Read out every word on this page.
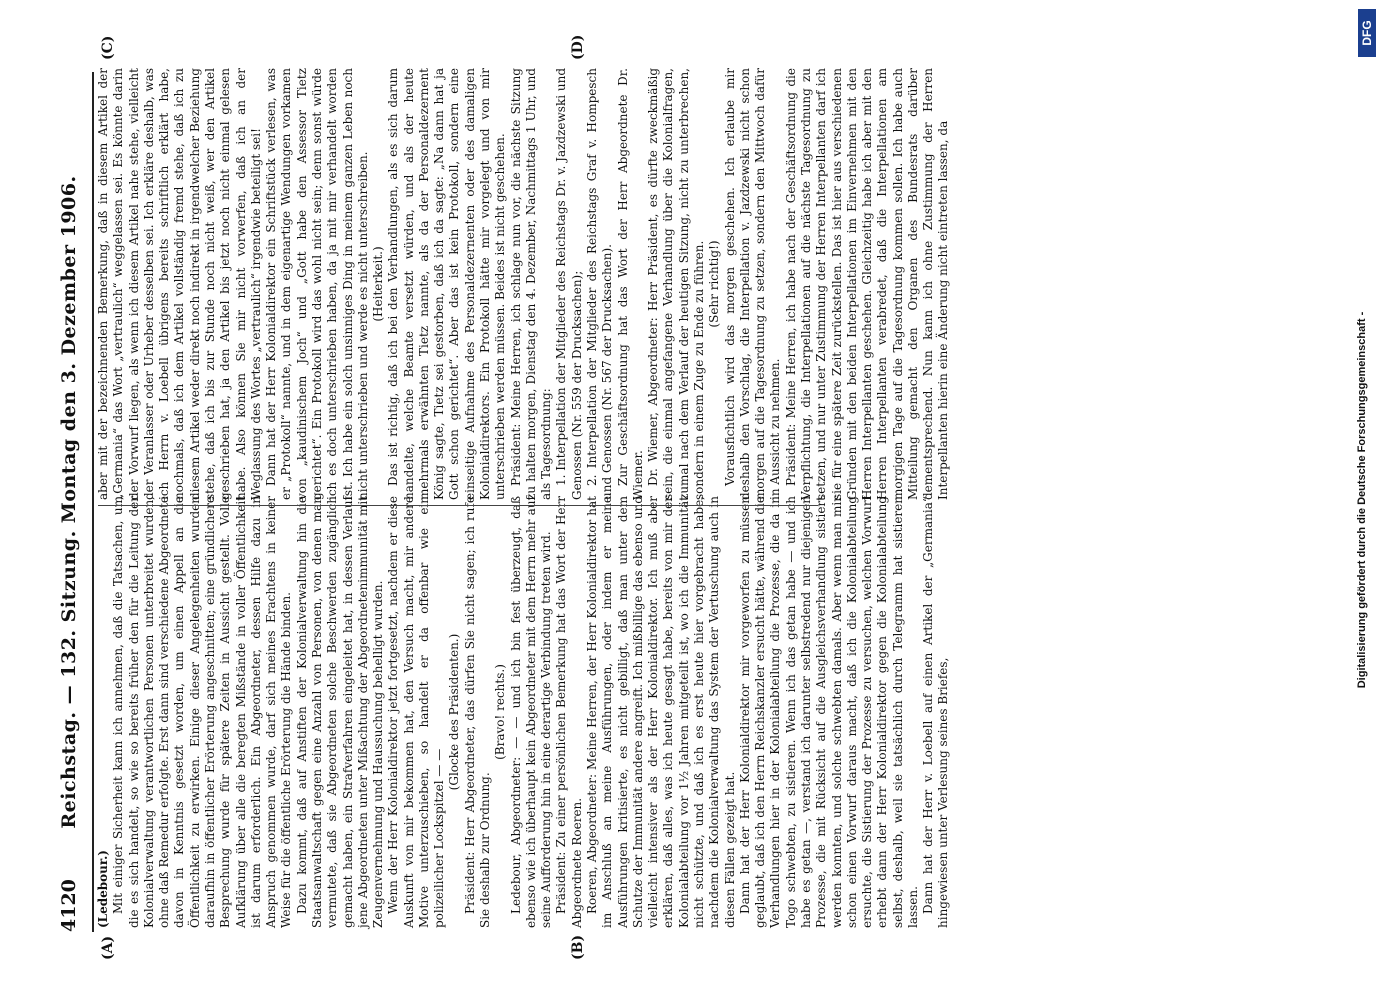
4120
Reichstag. — 132. Sitzung. Montag den 3. Dezember 1906.
(A)	(B)
(C)	(D)

(Ledebour.) Mit einiger Sicherheit kann ich annehmen, daß die Tatsachen, um die es sich handelt, so wie so bereits früher den für die Leitung der Kolonialverwaltung verantwortlichen Personen unterbreitet wurden, ohne daß Remedur erfolgte. Erst dann sind verschiedene Abgeordnete davon in Kenntnis gesetzt worden, um einen Appell an die Öffentlichkeit zu erwirken. Einige dieser Angelegenheiten wurden daraufhin in öffentlicher Erörterung angeschnitten; eine gründlichere Besprechung wurde für spätere Zeiten in Aussicht gestellt. Volle Aufklärung über alle die beregten Mißstände in voller Öffentlichkeit ist darum erforderlich. Ein Abgeordneter, dessen Hilfe dazu in Anspruch genommen wurde, darf sich meines Erachtens in keiner Weise für die öffentliche Erörterung die Hände binden. Dazu kommt, daß auf Anstiften der Kolonialverwaltung hin die Staatsanwaltschaft gegen eine Anzahl von Personen, von denen man vermutete, daß sie Abgeordneten solche Beschwerden zugänglich gemacht haben, ein Strafverfahren eingeleitet hat, in dessen Verlauf jene Abgeordneten unter Mißachtung der Abgeordnetenimmunität mit Zeugenvernehmung und Haussuchung behelligt wurden. Wenn der Herr Kolonialdirektor jetzt fortgesetzt, nachdem er diese Auskunft von mir bekommen hat, den Versuch macht, mir andere Motive unterzuschieben, so handelt er da offenbar wie ein polizeilicher Lockspitzel — —

(Glocke des Präsidenten.) Präsident: Herr Abgeordneter, das dürfen Sie nicht sagen; ich rufe Sie deshalb zur Ordnung.

(Bravo! rechts.) Ledebour, Abgeordneter: — — und ich bin fest überzeugt, daß ebenso wie ich überhaupt kein Abgeordneter mit dem Herrn mehr auf seine Aufforderung hin in eine derartige Verbindung treten wird. Präsident: Zu einer persönlichen Bemerkung hat das Wort der Herr Abgeordnete Roeren. Roeren, Abgeordneter: Meine Herren, der Herr Kolonialdirektor hat im Anschluß an meine Ausführungen, oder indem er meine Ausführungen kritisierte, es nicht gebilligt, daß man unter dem Schutze der Immunität andere angreift. Ich mißbillige das ebenso und vielleicht intensiver als der Herr Kolonialdirektor. Ich muß aber erklären, daß alles, was ich heute gesagt habe, bereits von mir der Kolonialabteilung vor 1½ Jahren mitgeteilt ist, wo ich die Immunität nicht schützte, und daß ich es erst heute hier vorgebracht habe, nachdem die Kolonialverwaltung das System der Vertuschung auch in diesen Fällen gezeigt hat. Dann hat der Herr Kolonialdirektor mir vorgeworfen zu müssen geglaubt, daß ich den Herrn Reichskanzler ersucht hätte, während die Verhandlungen hier in der Kolonialabteilung die Prozesse, die da in Togo schwebten, zu sistieren. Wenn ich das getan habe — und ich habe es getan —, verstand ich darunter selbstredend nur diejenigen Prozesse, die mit Rücksicht auf die Ausgleichsverhandlung sistiert werden konnten, und solche schwebten damals. Aber wenn man mir schon einen Vorwurf daraus macht, daß ich die Kolonialabteilung ersuchte, die Sistierung der Prozesse zu versuchen, welchen Vorwurf erhebt dann der Herr Kolonialdirektor gegen die Kolonialabteilung selbst, deshalb, weil sie tatsächlich durch Telegramm hat sistieren lassen. Dann hat der Herr v. Loebell auf einen Artikel der „Germania“ hingewiesen unter Verlesung seines Briefes,

aber mit der bezeichnenden Bemerkung, daß in diesem Artikel der „Germania“ das Wort „vertraulich“ weggelassen sei. Es könnte darin der Vorwurf liegen, als wenn ich diesem Artikel nahe stehe, vielleicht der Veranlasser oder Urheber desselben sei. Ich erkläre deshalb, was ich Herrn v. Loebell übrigens bereits schriftlich erklärt habe, nochmals, daß ich dem Artikel vollständig fremd stehe, daß ich zu diesem Artikel weder direkt noch indirekt in irgendwelcher Beziehung stehe, daß ich bis zur Stunde noch nicht weiß, wer den Artikel geschrieben hat, ja den Artikel bis jetzt noch nicht einmal gelesen habe. Also können Sie mir nicht vorwerfen, daß ich an der Weglassung des Wortes „vertraulich“ irgendwie beteiligt sei! Dann hat der Herr Kolonialdirektor ein Schriftstück verlesen, was er „Protokoll“ nannte, und in dem eigenartige Wendungen vorkamen von „kaudinischem Joch“ und „Gott habe den Assessor Tietz gerichtet“. Ein Protokoll wird das wohl nicht sein; denn sonst würde ich es doch unterschrieben haben, da ja mit mir verhandelt worden ist. Ich habe ein solch unsinniges Ding in meinem ganzen Leben noch nicht unterschrieben und werde es nicht unterschreiben. (Heiterkeit.) Das ist richtig, daß ich bei den Verhandlungen, als es sich darum handelte, welche Beamte versetzt würden, und als der heute mehrmals erwähnten Tietz nannte, als da der Personaldezernent König sagte, Tietz sei gestorben, daß ich da sagte: „Na dann hat ja Gott schon gerichtet“. Aber das ist kein Protokoll, sondern eine einseitige Aufnahme des Personaldezernenten oder des damaligen Kolonialdirektors. Ein Protokoll hätte mir vorgelegt und von mir unterschrieben werden müssen. Beides ist nicht geschehen. Präsident: Meine Herren, ich schlage nun vor, die nächste Sitzung zu halten morgen, Dienstag den 4. Dezember, Nachmittags 1 Uhr, und als Tagesordnung: 1. Interpellation der Mitglieder des Reichstags Dr. v. Jazdzewski und Genossen (Nr. 559 der Drucksachen); 2. Interpellation der Mitglieder des Reichstags Graf v. Hompesch und Genossen (Nr. 567 der Drucksachen). Zur Geschäftsordnung hat das Wort der Herr Abgeordnete Dr. Wiemer. Dr. Wiemer, Abgeordneter: Herr Präsident, es dürfte zweckmäßig sein, die einmal angefangene Verhandlung über die Kolonialfragen, zumal nach dem Verlauf der heutigen Sitzung, nicht zu unterbrechen, sondern in einem Zuge zu Ende zu führen. (Sehr richtig!) Vorausfichtlich wird das morgen geschehen. Ich erlaube mir deshalb den Vorschlag, die Interpellation v. Jazdzewski nicht schon morgen auf die Tagesordnung zu setzen, sondern den Mittwoch dafür in Aussicht zu nehmen. Präsident: Meine Herren, ich habe nach der Geschäftsordnung die Verpflichtung, die Interpellationen auf die nächste Tagesordnung zu setzen, und nur unter Zustimmung der Herren Interpellanten darf ich sie für eine spätere Zeit zurückstellen. Das ist hier aus verschiedenen Gründen mit den beiden Interpellationen im Einvernehmen mit den Herren Interpellanten geschehen. Gleichzeitig habe ich aber mit den Herren Interpellanten verabredet, daß die Interpellationen am morgigen Tage auf die Tagesordnung kommen sollen. Ich habe auch Mitteilung gemacht den Organen des Bundesrats darüber dementsprechend. Nun kann ich ohne Zustimmung der Herren Interpellanten hierin eine Änderung nicht eintreten lassen, da

Digitalisierung gefördert durch die Deutsche Forschungsgemeinschaft -
DFG
